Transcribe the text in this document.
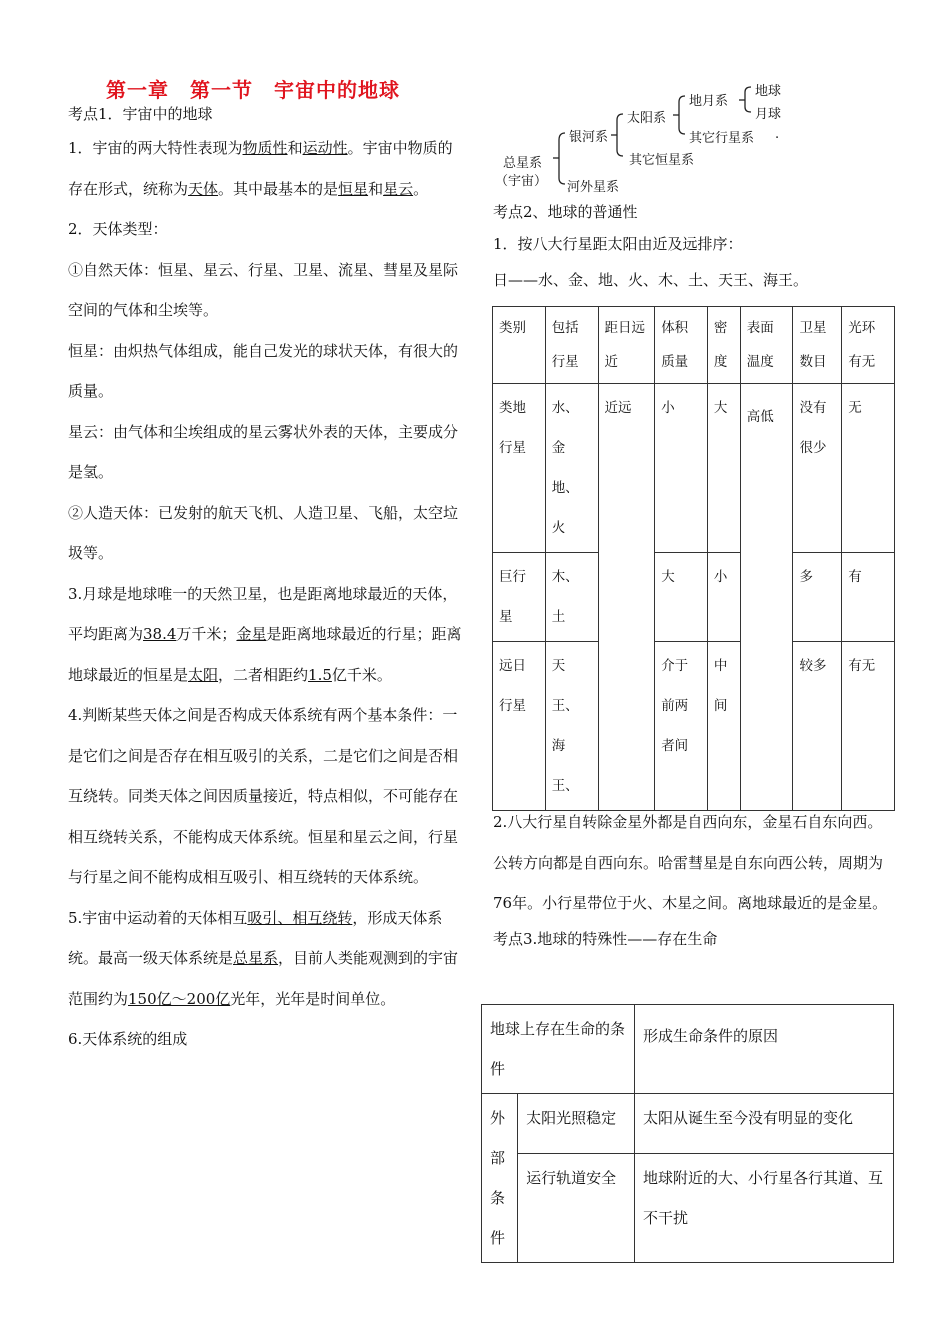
第一章　第一节　宇宙中的地球

考点1．宇宙中的地球

1．宇宙的两大特性表现为物质性和运动性。宇宙中物质的存在形式，统称为天体。其中最基本的是恒星和星云。

2．天体类型：

①自然天体：恒星、星云、行星、卫星、流星、彗星及星际空间的气体和尘埃等。

恒星：由炽热气体组成，能自己发光的球状天体，有很大的质量。

星云：由气体和尘埃组成的星云雾状外表的天体，主要成分是氢。

②人造天体：已发射的航天飞机、人造卫星、飞船，太空垃圾等。

3.月球是地球唯一的天然卫星，也是距离地球最近的天体，平均距离为38.4万千米；金星是距离地球最近的行星；距离地球最近的恒星是太阳，二者相距约1.5亿千米。

4.判断某些天体之间是否构成天体系统有两个基本条件：一是它们之间是否存在相互吸引的关系，二是它们之间是否相互绕转。同类天体之间因质量接近，特点相似，不可能存在相互绕转关系，不能构成天体系统。恒星和星云之间，行星与行星之间不能构成相互吸引、相互绕转的天体系统。

5.宇宙中运动着的天体相互吸引、相互绕转，形成天体系统。最高一级天体系统是总星系，目前人类能观测到的宇宙范围约为150亿～200亿光年，光年是时间单位。

6.天体系统的组成

总星系
（宇宙）
银河系
河外星系
太阳系
其它恒星系
地月系
其它行星系 .
地球
月球

考点2、地球的普通性

1．按八大行星距太阳由近及远排序：

日——水、金、地、火、木、土、天王、海王。

类别	包括行星	距日远近	体积质量	密度	表面温度	卫星数目	光环有无
类地行星	水、金地、火	近远	小	大	高低	没有很少	无
巨行星	木、土		大	小		多	有
远日行星	天王、海王、		介于前两者间	中间		较多	有无

2.八大行星自转除金星外都是自西向东，金星石自东向西。公转方向都是自西向东。哈雷彗星是自东向西公转，周期为76年。小行星带位于火、木星之间。离地球最近的是金星。

考点3.地球的特殊性——存在生命

地球上存在生命的条件		形成生命条件的原因
外部条件	太阳光照稳定	太阳从诞生至今没有明显的变化
	运行轨道安全	地球附近的大、小行星各行其道、互不干扰
